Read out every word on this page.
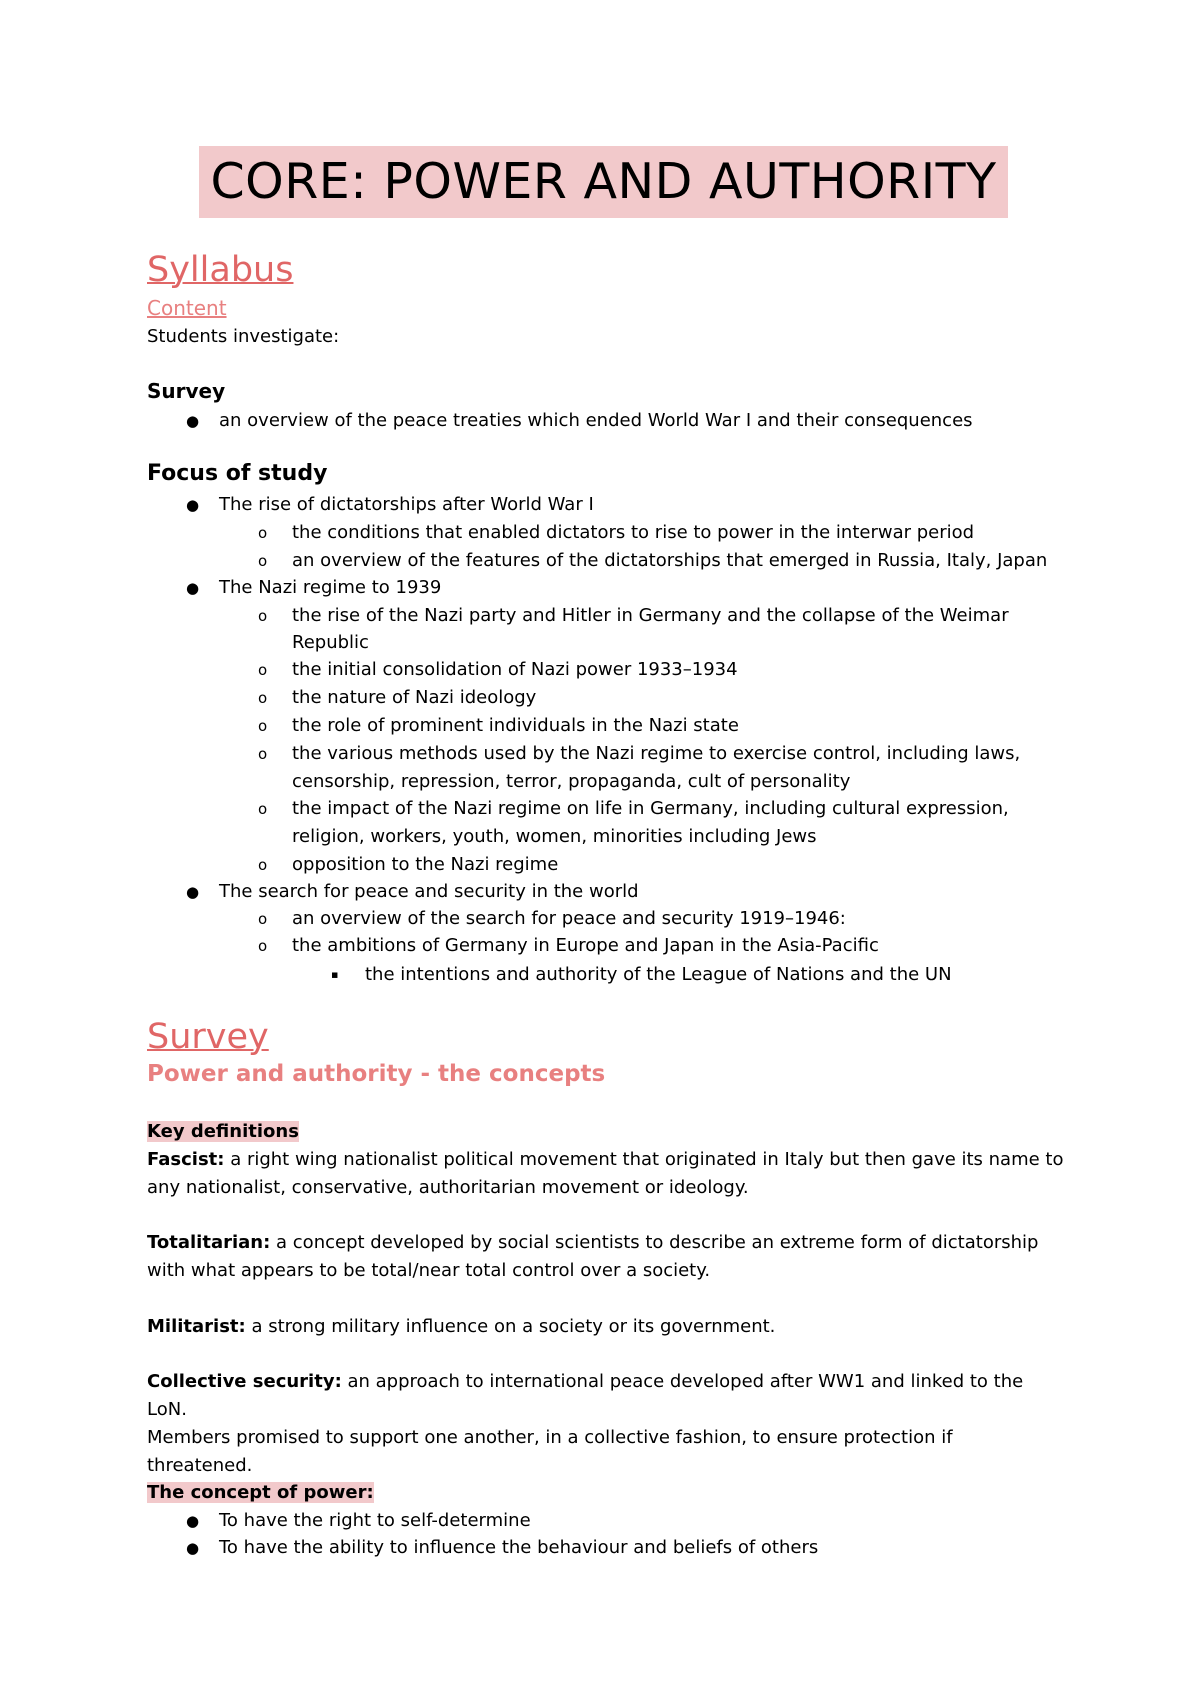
CORE: POWER AND AUTHORITY
Syllabus
Content
Students investigate:
Survey
● an overview of the peace treaties which ended World War I and their consequences
Focus of study
● The rise of dictatorships after World War I
o the conditions that enabled dictators to rise to power in the interwar period
o an overview of the features of the dictatorships that emerged in Russia, Italy, Japan
● The Nazi regime to 1939
o the rise of the Nazi party and Hitler in Germany and the collapse of the Weimar
Republic
o the initial consolidation of Nazi power 1933–1934
o the nature of Nazi ideology
o the role of prominent individuals in the Nazi state
o the various methods used by the Nazi regime to exercise control, including laws,
censorship, repression, terror, propaganda, cult of personality
o the impact of the Nazi regime on life in Germany, including cultural expression,
religion, workers, youth, women, minorities including Jews
o opposition to the Nazi regime
● The search for peace and security in the world
o an overview of the search for peace and security 1919–1946:
o the ambitions of Germany in Europe and Japan in the Asia-Pacific
▪ the intentions and authority of the League of Nations and the UN
Survey
Power and authority - the concepts
Key definitions
Fascist: a right wing nationalist political movement that originated in Italy but then gave its name to
any nationalist, conservative, authoritarian movement or ideology.
Totalitarian: a concept developed by social scientists to describe an extreme form of dictatorship
with what appears to be total/near total control over a society.
Militarist: a strong military influence on a society or its government.
Collective security: an approach to international peace developed after WW1 and linked to the LoN.
Members promised to support one another, in a collective fashion, to ensure protection if
threatened.
The concept of power:
● To have the right to self-determine
● To have the ability to influence the behaviour and beliefs of others
